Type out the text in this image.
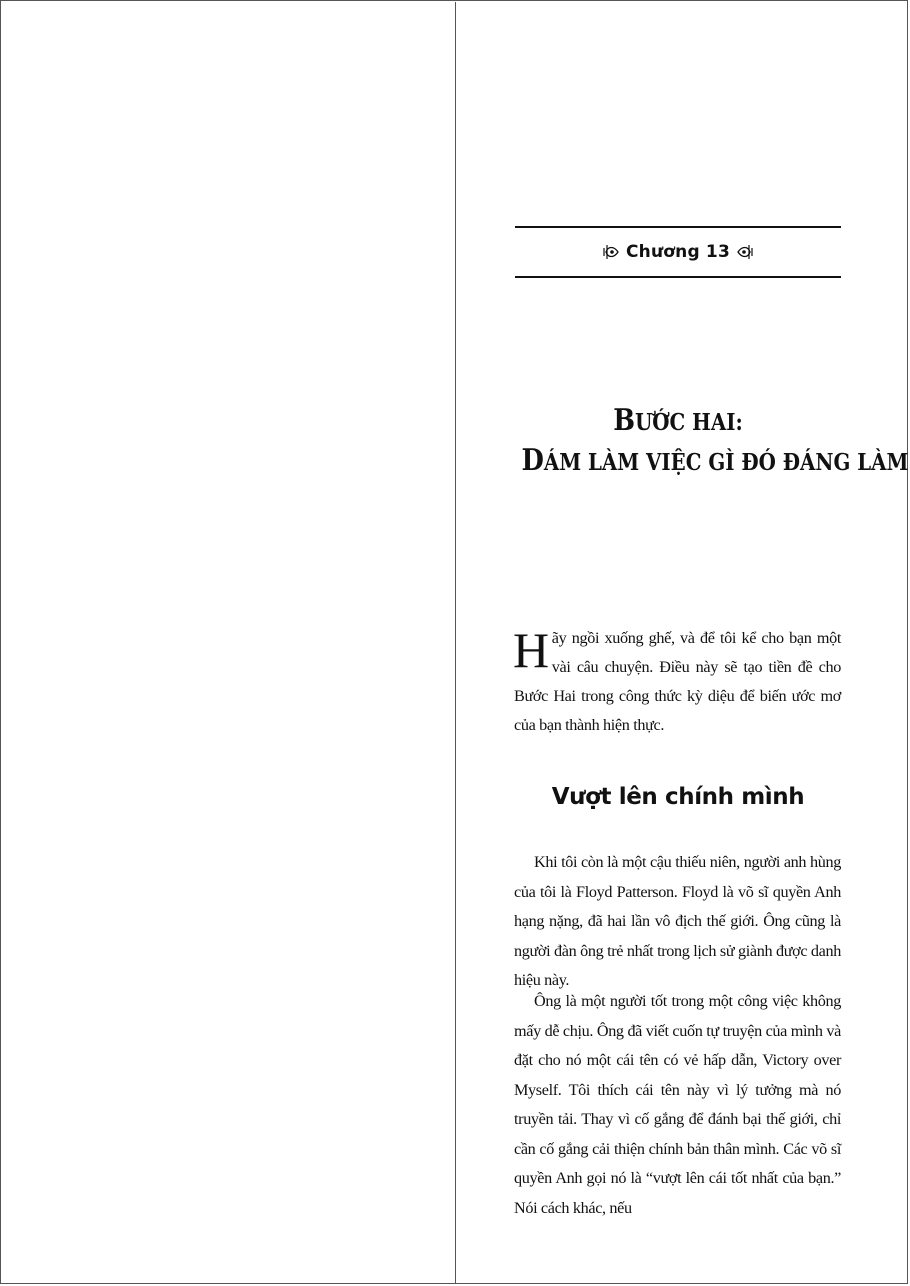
Chương 13
BƯỚC HAI:
DÁM LÀM VIỆC GÌ ĐÓ ĐÁNG LÀM
Hãy ngồi xuống ghế, và để tôi kể cho bạn một vài câu chuyện. Điều này sẽ tạo tiền đề cho Bước Hai trong công thức kỳ diệu để biến ước mơ của bạn thành hiện thực.
Vượt lên chính mình

Khi tôi còn là một cậu thiếu niên, người anh hùng của tôi là Floyd Patterson. Floyd là võ sĩ quyền Anh hạng nặng, đã hai lần vô địch thế giới. Ông cũng là người đàn ông trẻ nhất trong lịch sử giành được danh hiệu này.

Ông là một người tốt trong một công việc không mấy dễ chịu. Ông đã viết cuốn tự truyện của mình và đặt cho nó một cái tên có vẻ hấp dẫn, Victory over Myself. Tôi thích cái tên này vì lý tưởng mà nó truyền tải. Thay vì cố gắng để đánh bại thế giới, chỉ cần cố gắng cải thiện chính bản thân mình. Các võ sĩ quyền Anh gọi nó là “vượt lên cái tốt nhất của bạn.” Nói cách khác, nếu
